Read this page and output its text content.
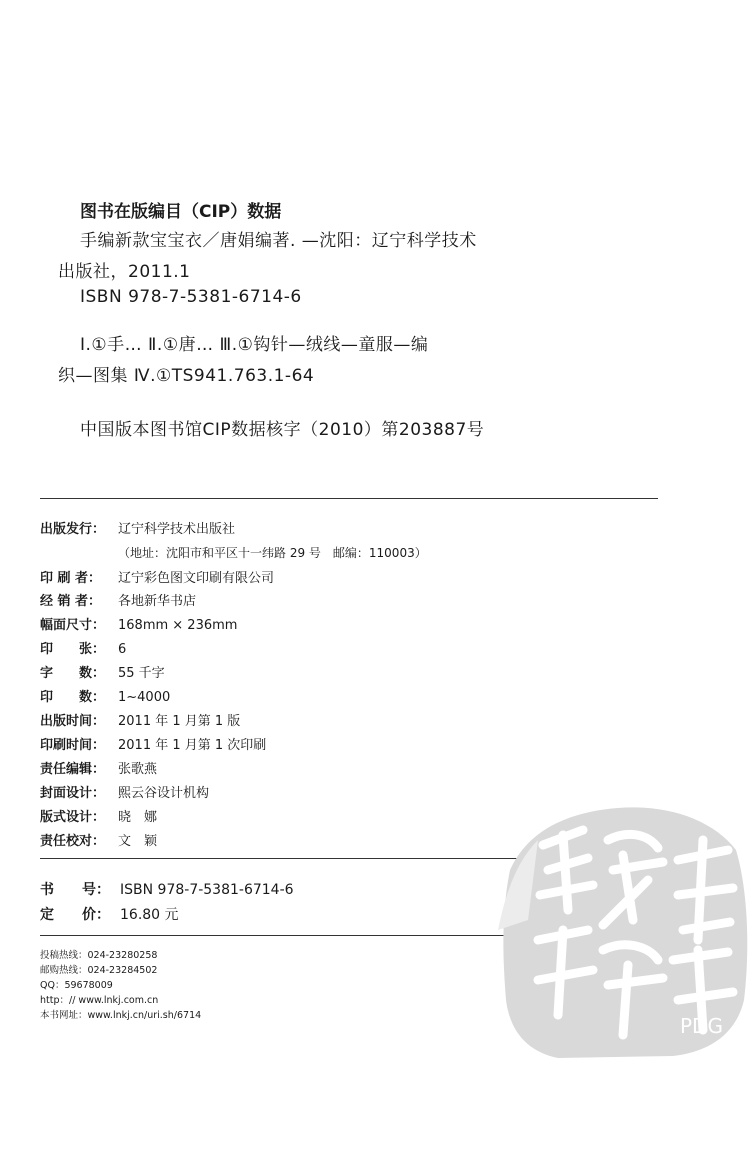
图书在版编目（CIP）数据
手编新款宝宝衣／唐娟编著. —沈阳：辽宁科学技术
出版社，2011.1
ISBN 978-7-5381-6714-6
Ⅰ.①手… Ⅱ.①唐… Ⅲ.①钩针—绒线—童服—编
织—图集 Ⅳ.①TS941.763.1-64
中国版本图书馆CIP数据核字（2010）第203887号
出版发行： 辽宁科学技术出版社
（地址：沈阳市和平区十一纬路 29 号　邮编：110003）
印 刷 者： 辽宁彩色图文印刷有限公司
经 销 者： 各地新华书店
幅面尺寸： 168mm × 236mm
印　　张： 6
字　　数： 55 千字
印　　数： 1~4000
出版时间： 2011 年 1 月第 1 版
印刷时间： 2011 年 1 月第 1 次印刷
责任编辑： 张歌燕
封面设计： 熙云谷设计机构
版式设计： 晓　娜
责任校对： 文　颖
书　　号： ISBN 978-7-5381-6714-6
定　　价： 16.80 元
投稿热线：024-23280258
邮购热线：024-23284502
QQ：59678009
http：// www.lnkj.com.cn
本书网址：www.lnkj.cn/uri.sh/6714	PDG
